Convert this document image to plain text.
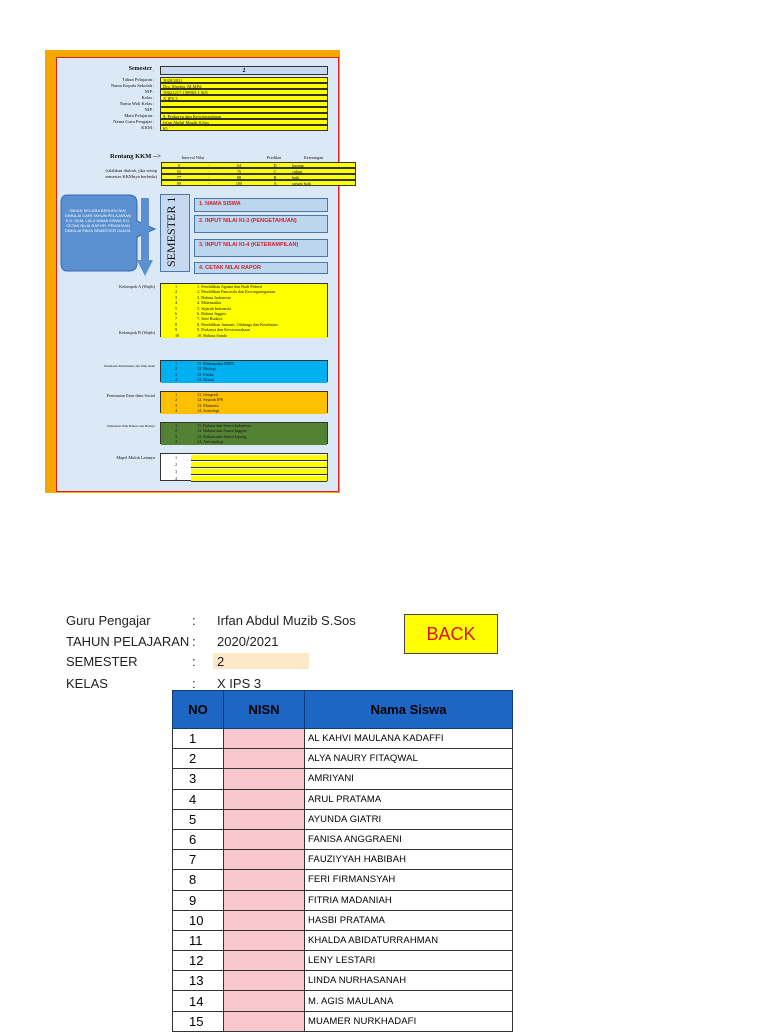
Semester :	2
Tahun Pelajaran :	2020/2021
Nama Kepala Sekolah :	Drs. Shodiq, M.MPd
NIP :	19621217 198903 1 005
Kelas :	X IPS 3
Nama Wali Kelas :
NIP :
Mata Pelajaran :	9. Prakarya dan Kewirausahaan
Nama Guru Pengajar :	Irfan Abdul Muzib S.Sos
KKM :	65
Rentang KKM -->
(silahkan diubah, jika setiap semester KKMnya berbeda)
Interval Nilai	Predikat	Keterangan
0	-	64	D	kurang
65	-	76	C	cukup
77	-	88	B	baik
89	-	100	A	sangat baik
ISIKAN SECARA BERURUTAN, DIMULAI DARI TAHUN PELAJARAN S.D. KKM, LALU NAMA SISWA S.D. CETAK NILAI RAPOR, PENGISIAN DIMULAI PADA SEMESTER GANJIL	SEMESTER 1	1. NAMA SISWA
2. INPUT NILAI KI-3 (PENGETAHUAN)
3. INPUT NILAI KI-4 (KETERAMPILAN)
4. CETAK NILAI RAPOR
Kelompok A (Wajib)
Kelompok B (Wajib)
1	1. Pendidikan Agama dan Budi Pekerti
2	2. Pendidikan Pancasila dan Kewarganegaraan
3	3. Bahasa Indonesia
4	4. Matematika
5	5. Sejarah Indonesia
6	6. Bahasa Inggris
7	7. Seni Budaya
8	8. Pendidikan Jasmani, Olahraga dan Kesehatan
9	9. Prakarya dan Kewirausahaan
10	10. Bahasa Sunda
Peminatan Matematika dan Ilmu Alam	1	11. Matematika MIPA
2	12. Biologi
3	13. Fisika
4	14. Kimia
Peminatan Ilmu-ilmu Sosial	1	11. Geografi
2	12. Sejarah IPS
3	13. Ekonomi
4	14. Sosiologi
Peminatan Ilmu Bahasa dan Budaya	1	11. Bahasa dan Sastra Indonesia
2	12. Bahasa dan Sastra Inggris
3	13. Bahasa dan Sastra Jepang
4	14. Antropologi
Mapel Mulok Lainnya	1
2
3
4
Guru Pengajar	: Irfan Abdul Muzib S.Sos
TAHUN PELAJARAN : 2020/2021
SEMESTER	: 2
KELAS	: X IPS 3
BACK
NO	NISN	Nama Siswa
1		AL KAHVI MAULANA KADAFFI
2		ALYA NAURY FITAQWAL
3		AMRIYANI
4		ARUL PRATAMA
5		AYUNDA GIATRI
6		FANISA ANGGRAENI
7		FAUZIYYAH HABIBAH
8		FERI FIRMANSYAH
9		FITRIA MADANIAH
10		HASBI PRATAMA
11		KHALDA ABIDATURRAHMAN
12		LENY LESTARI
13		LINDA NURHASANAH
14		M. AGIS MAULANA
15		MUAMER NURKHADAFI
